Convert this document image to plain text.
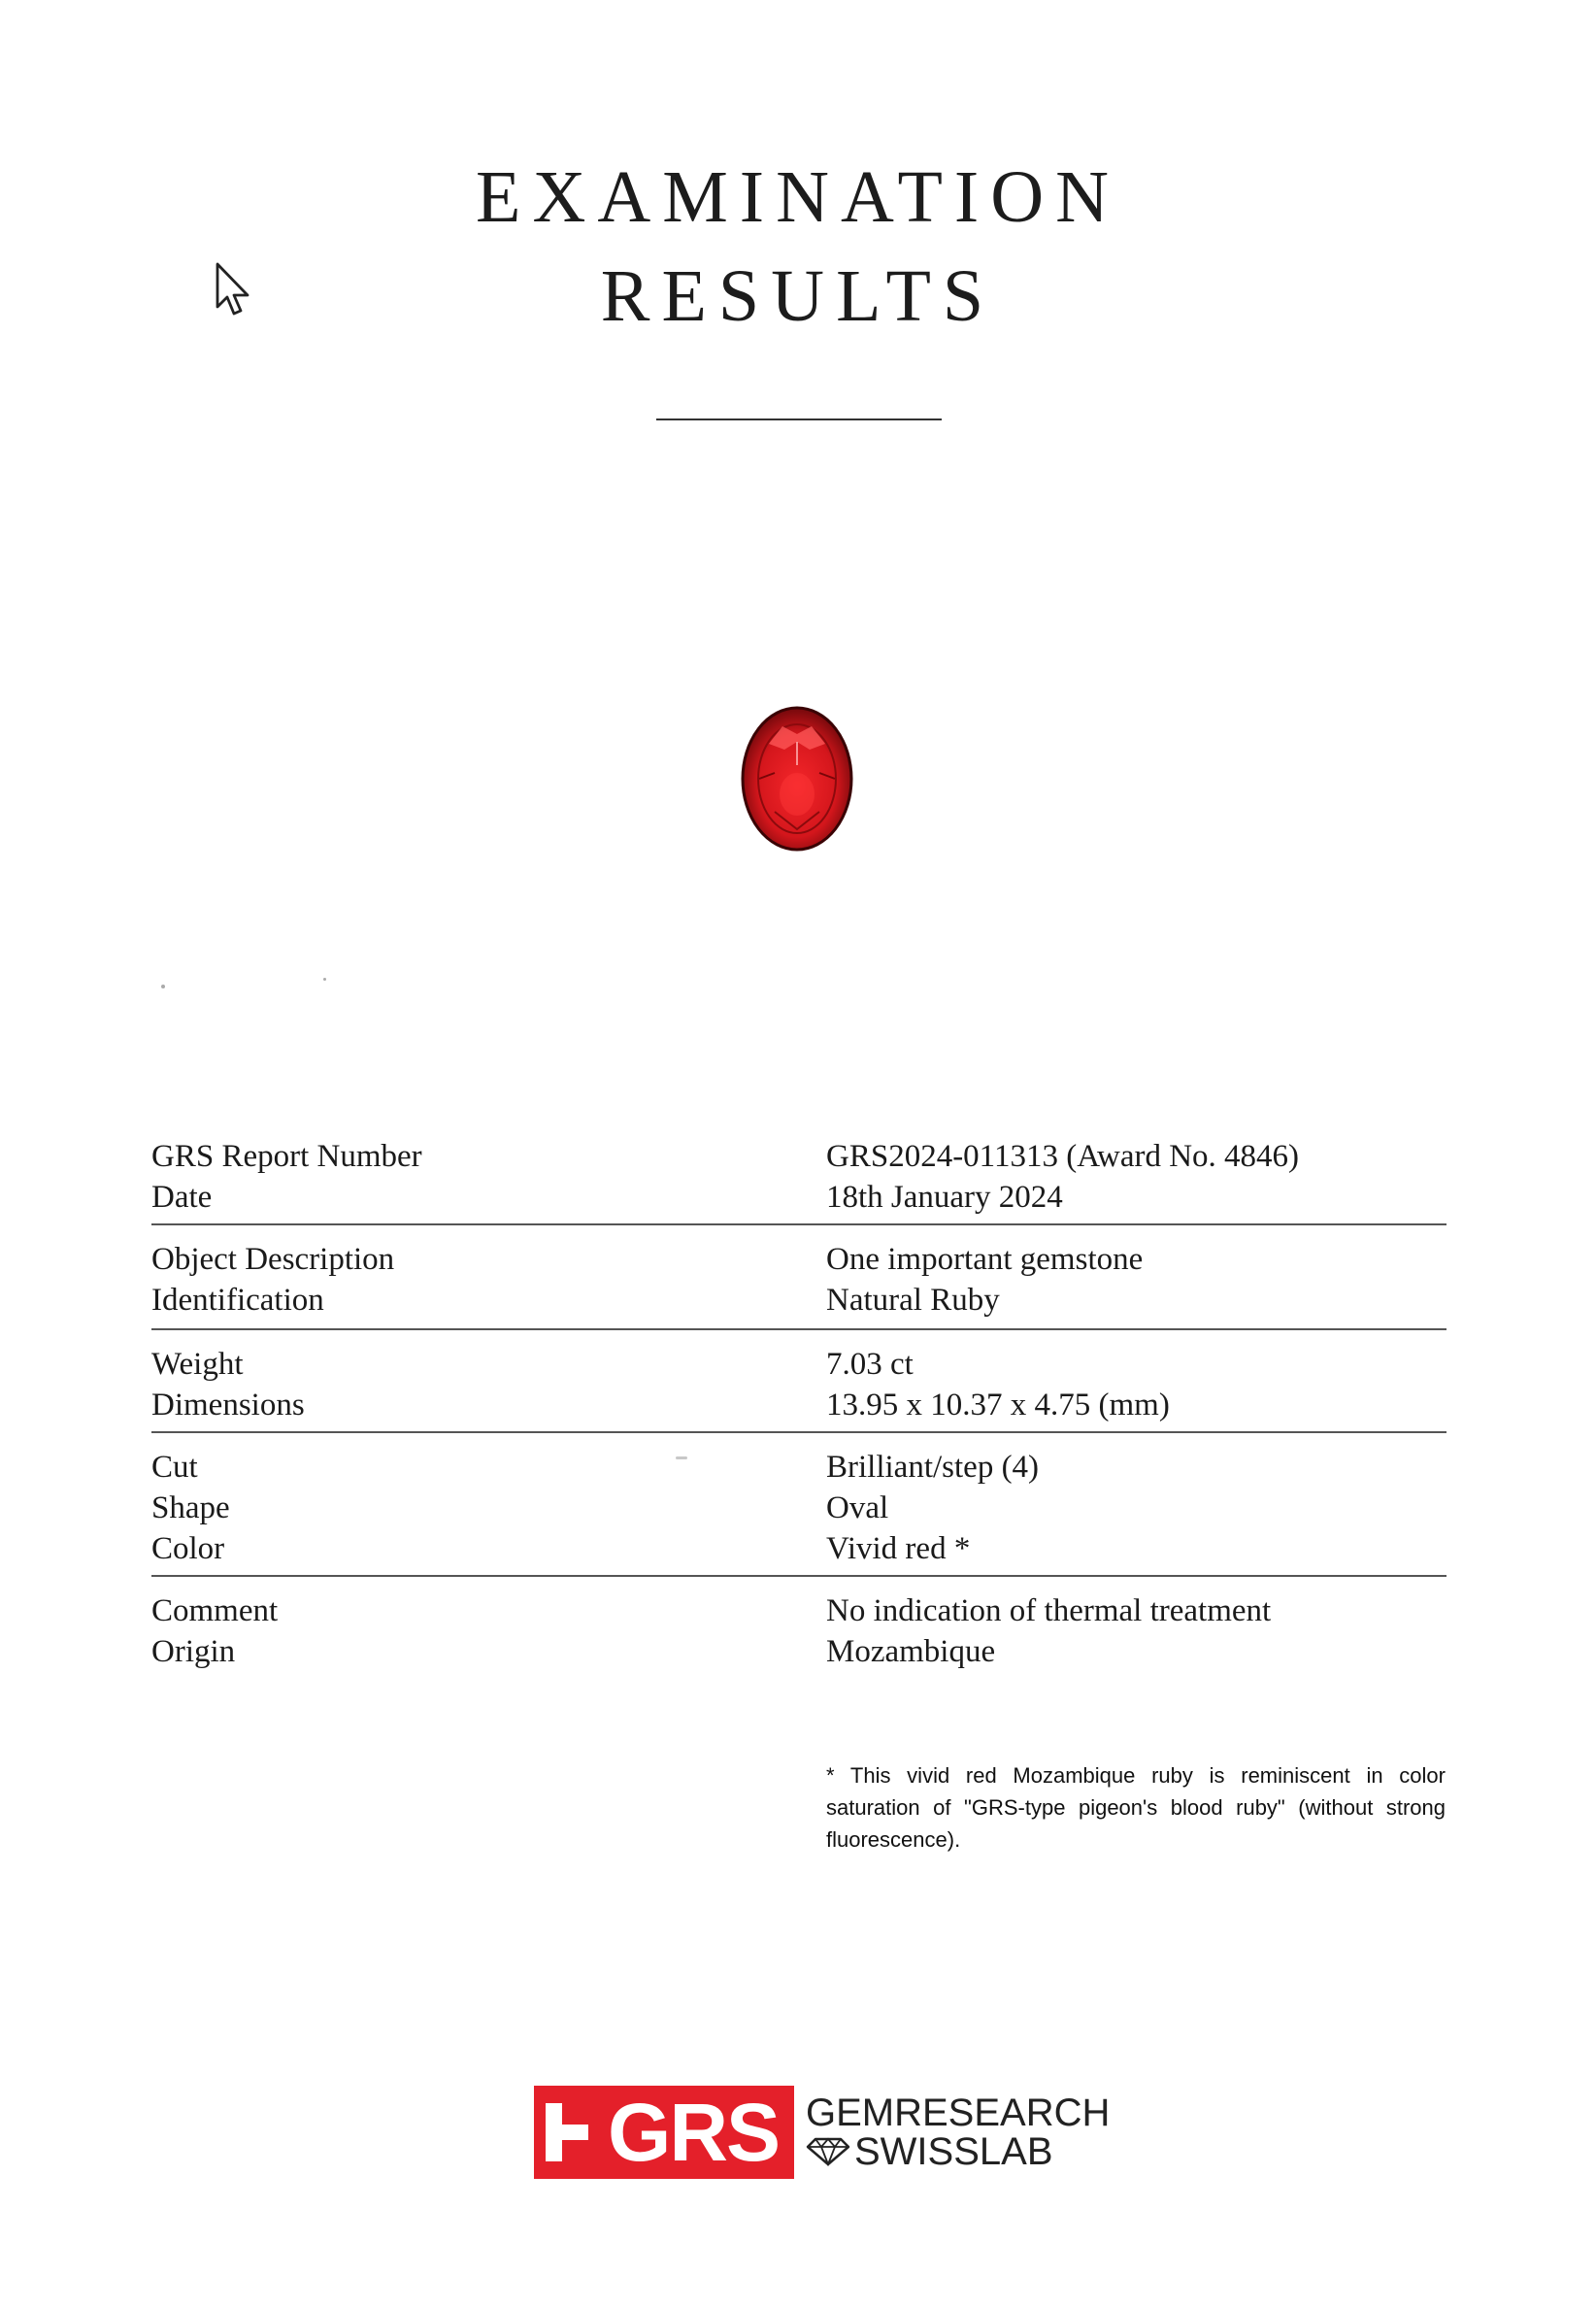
EXAMINATION
RESULTS
GRS Report Number	GRS2024-011313 (Award No. 4846)
Date	18th January 2024
Object Description	One important gemstone
Identification	Natural Ruby
Weight	7.03 ct
Dimensions	13.95 x 10.37 x 4.75 (mm)
Cut	Brilliant/step (4)
Shape	Oval
Color	Vivid red *
Comment	No indication of thermal treatment
Origin	Mozambique
* This vivid red Mozambique ruby is reminiscent in color saturation of "GRS-type pigeon's blood ruby" (without strong fluorescence).
GRS GEMRESEARCH
SWISSLAB
